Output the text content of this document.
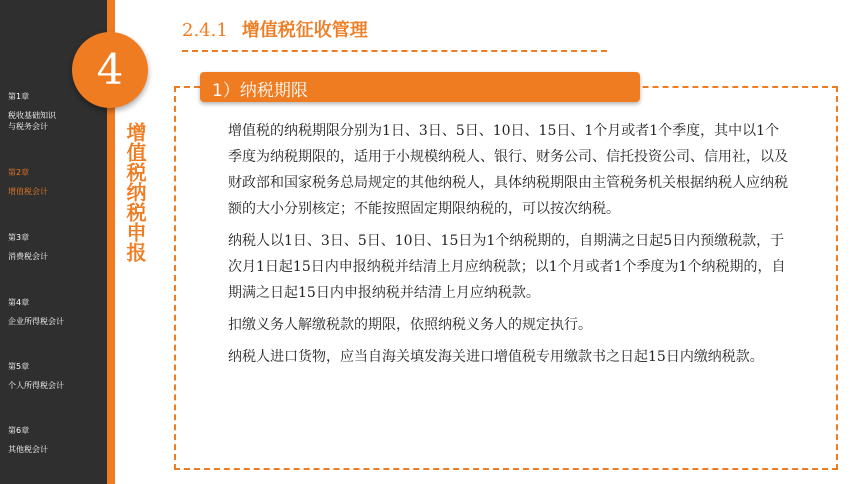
第1章
税收基础知识
与税务会计
第2章
增值税会计
第3章
消费税会计
第4章
企业所得税会计
第5章
个人所得税会计
第6章
其他税会计
4
增值税纳税申报
2.4.1 增值税征收管理
1）纳税期限

增值税的纳税期限分别为1日、3日、5日、10日、15日、1个月或者1个季度，其中以1个季度为纳税期限的，适用于小规模纳税人、银行、财务公司、信托投资公司、信用社，以及财政部和国家税务总局规定的其他纳税人，具体纳税期限由主管税务机关根据纳税人应纳税额的大小分别核定；不能按照固定期限纳税的，可以按次纳税。

纳税人以1日、3日、5日、10日、15日为1个纳税期的，自期满之日起5日内预缴税款，于次月1日起15日内申报纳税并结清上月应纳税款；以1个月或者1个季度为1个纳税期的，自期满之日起15日内申报纳税并结清上月应纳税款。

扣缴义务人解缴税款的期限，依照纳税义务人的规定执行。

纳税人进口货物，应当自海关填发海关进口增值税专用缴款书之日起15日内缴纳税款。
